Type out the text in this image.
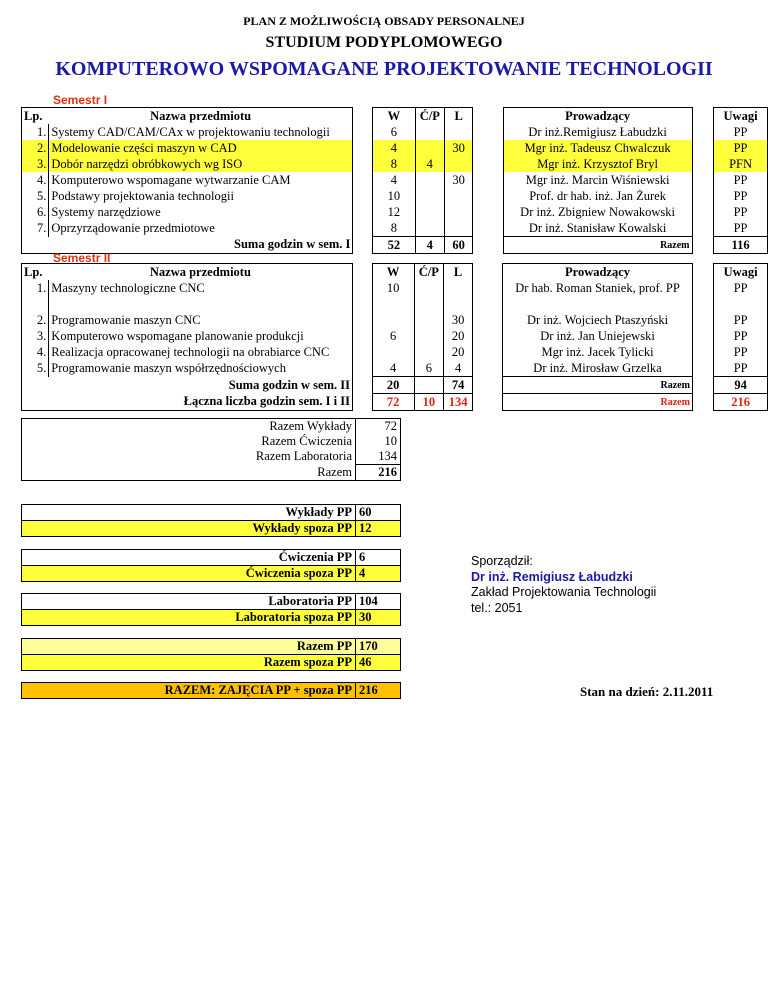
PLAN Z MOŻLIWOŚCIĄ OBSADY PERSONALNEJ
STUDIUM PODYPLOMOWEGO
KOMPUTEROWO WSPOMAGANE PROJEKTOWANIE TECHNOLOGII
Semestr I
Lp.	Nazwa przedmiotu		W	Ć/P	L		Prowadzący		Uwagi
1.	Systemy CAD/CAM/CAx w projektowaniu technologii		6				Dr inż.Remigiusz Łabudzki		PP
2.	Modelowanie części maszyn w CAD		4		30		Mgr inż. Tadeusz Chwalczuk		PP
3.	Dobór narzędzi obróbkowych wg ISO		8	4			Mgr inż. Krzysztof Bryl		PFN
4.	Komputerowo wspomagane wytwarzanie CAM		4		30		Mgr inż. Marcin Wiśniewski		PP
5.	Podstawy projektowania technologii		10				Prof. dr hab. inż. Jan Żurek		PP
6.	Systemy narzędziowe		12				Dr inż. Zbigniew Nowakowski		PP
7.	Oprzyrządowanie przedmiotowe		8				Dr inż. Stanisław Kowalski		PP
	Suma godzin w sem. I		52	4	60		Razem		116
Semestr II
Lp.	Nazwa przedmiotu		W	Ć/P	L		Prowadzący		Uwagi
1.	Maszyny technologiczne CNC		10				Dr hab. Roman Staniek, prof. PP		PP

2.	Programowanie maszyn CNC				30		Dr inż. Wojciech Ptaszyński		PP
3.	Komputerowo wspomagane planowanie produkcji		6		20		Dr inż. Jan Uniejewski		PP
4.	Realizacja opracowanej technologii na obrabiarce CNC				20		Mgr inż. Jacek Tylicki		PP
5.	Programowanie maszyn współrzędnościowych		4	6	4		Dr inż. Mirosław Grzelka		PP
	Suma godzin w sem. II		20		74		Razem		94
	Łączna liczba godzin sem. I i II		72	10	134		Razem		216
Razem Wykłady	72
Razem Ćwiczenia	10
Razem Laboratoria	134
Razem	216
Wykłady PP	60
Wykłady spoza PP	12
Ćwiczenia PP	6
Ćwiczenia spoza PP	4
Laboratoria PP	104
Laboratoria spoza PP	30
Razem PP	170
Razem spoza PP	46
RAZEM: ZAJĘCIA PP + spoza PP	216
Sporządził:
Dr inż. Remigiusz Łabudzki
Zakład Projektowania Technologii
tel.: 2051
Stan na dzień: 2.11.2011
